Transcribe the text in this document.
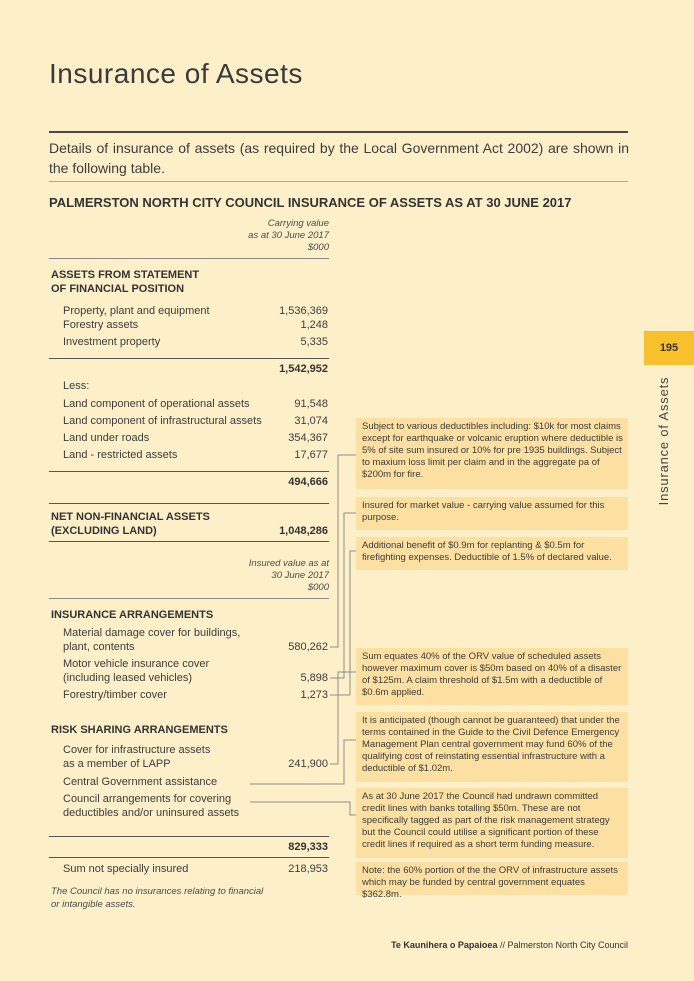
Insurance of Assets
Details of insurance of assets (as required by the Local Government Act 2002) are shown in the following table.
PALMERSTON NORTH CITY COUNCIL INSURANCE OF ASSETS AS AT 30 JUNE 2017
Carrying value
as at 30 June 2017
$000
ASSETS FROM STATEMENT
OF FINANCIAL POSITION
Property, plant and equipment	1,536,369
Forestry assets	1,248
Investment property	5,335
1,542,952
Less:
Land component of operational assets	91,548
Land component of infrastructural assets	31,074
Land under roads	354,367
Land - restricted assets	17,677
494,666
NET NON-FINANCIAL ASSETS
(EXCLUDING LAND)	1,048,286
Insured value as at
30 June 2017
$000
INSURANCE ARRANGEMENTS
Material damage cover for buildings,
plant, contents	580,262
Motor vehicle insurance cover
(including leased vehicles)	5,898
Forestry/timber cover	1,273
RISK SHARING ARRANGEMENTS
Cover for infrastructure assets
as a member of LAPP	241,900
Central Government assistance
Council arrangements for covering
deductibles and/or uninsured assets
829,333
Sum not specially insured	218,953
The Council has no insurances relating to financial
or intangible assets.
Subject to various deductibles including: $10k for most claims except for earthquake or volcanic eruption where deductible is 5% of site sum insured or 10% for pre 1935 buildings. Subject to maxium loss limit per claim and in the aggregate pa of $200m for fire.
Insured for market value - carrying value assumed for this purpose.
Additional benefit of $0.9m for replanting & $0.5m for firefighting expenses. Deductible of 1.5% of declared value.
Sum equates 40% of the ORV value of scheduled assets however maximum cover is $50m based on 40% of a disaster of $125m. A claim threshold of $1.5m with a deductible of $0.6m applied.
It is anticipated (though cannot be guaranteed) that under the terms contained in the Guide to the Civil Defence Emergency Management Plan central government may fund 60% of the qualifying cost of reinstating essential infrastructure with a deductible of $1.02m.
As at 30 June 2017 the Council had undrawn committed credit lines with banks totalling $50m. These are not specifically tagged as part of the risk management strategy but the Council could utilise a significant portion of these credit lines if required as a short term funding measure.
Note: the 60% portion of the the ORV of infrastructure assets which may be funded by central government equates $362.8m.
195
Insurance of Assets
Te Kaunihera o Papaioea // Palmerston North City Council
